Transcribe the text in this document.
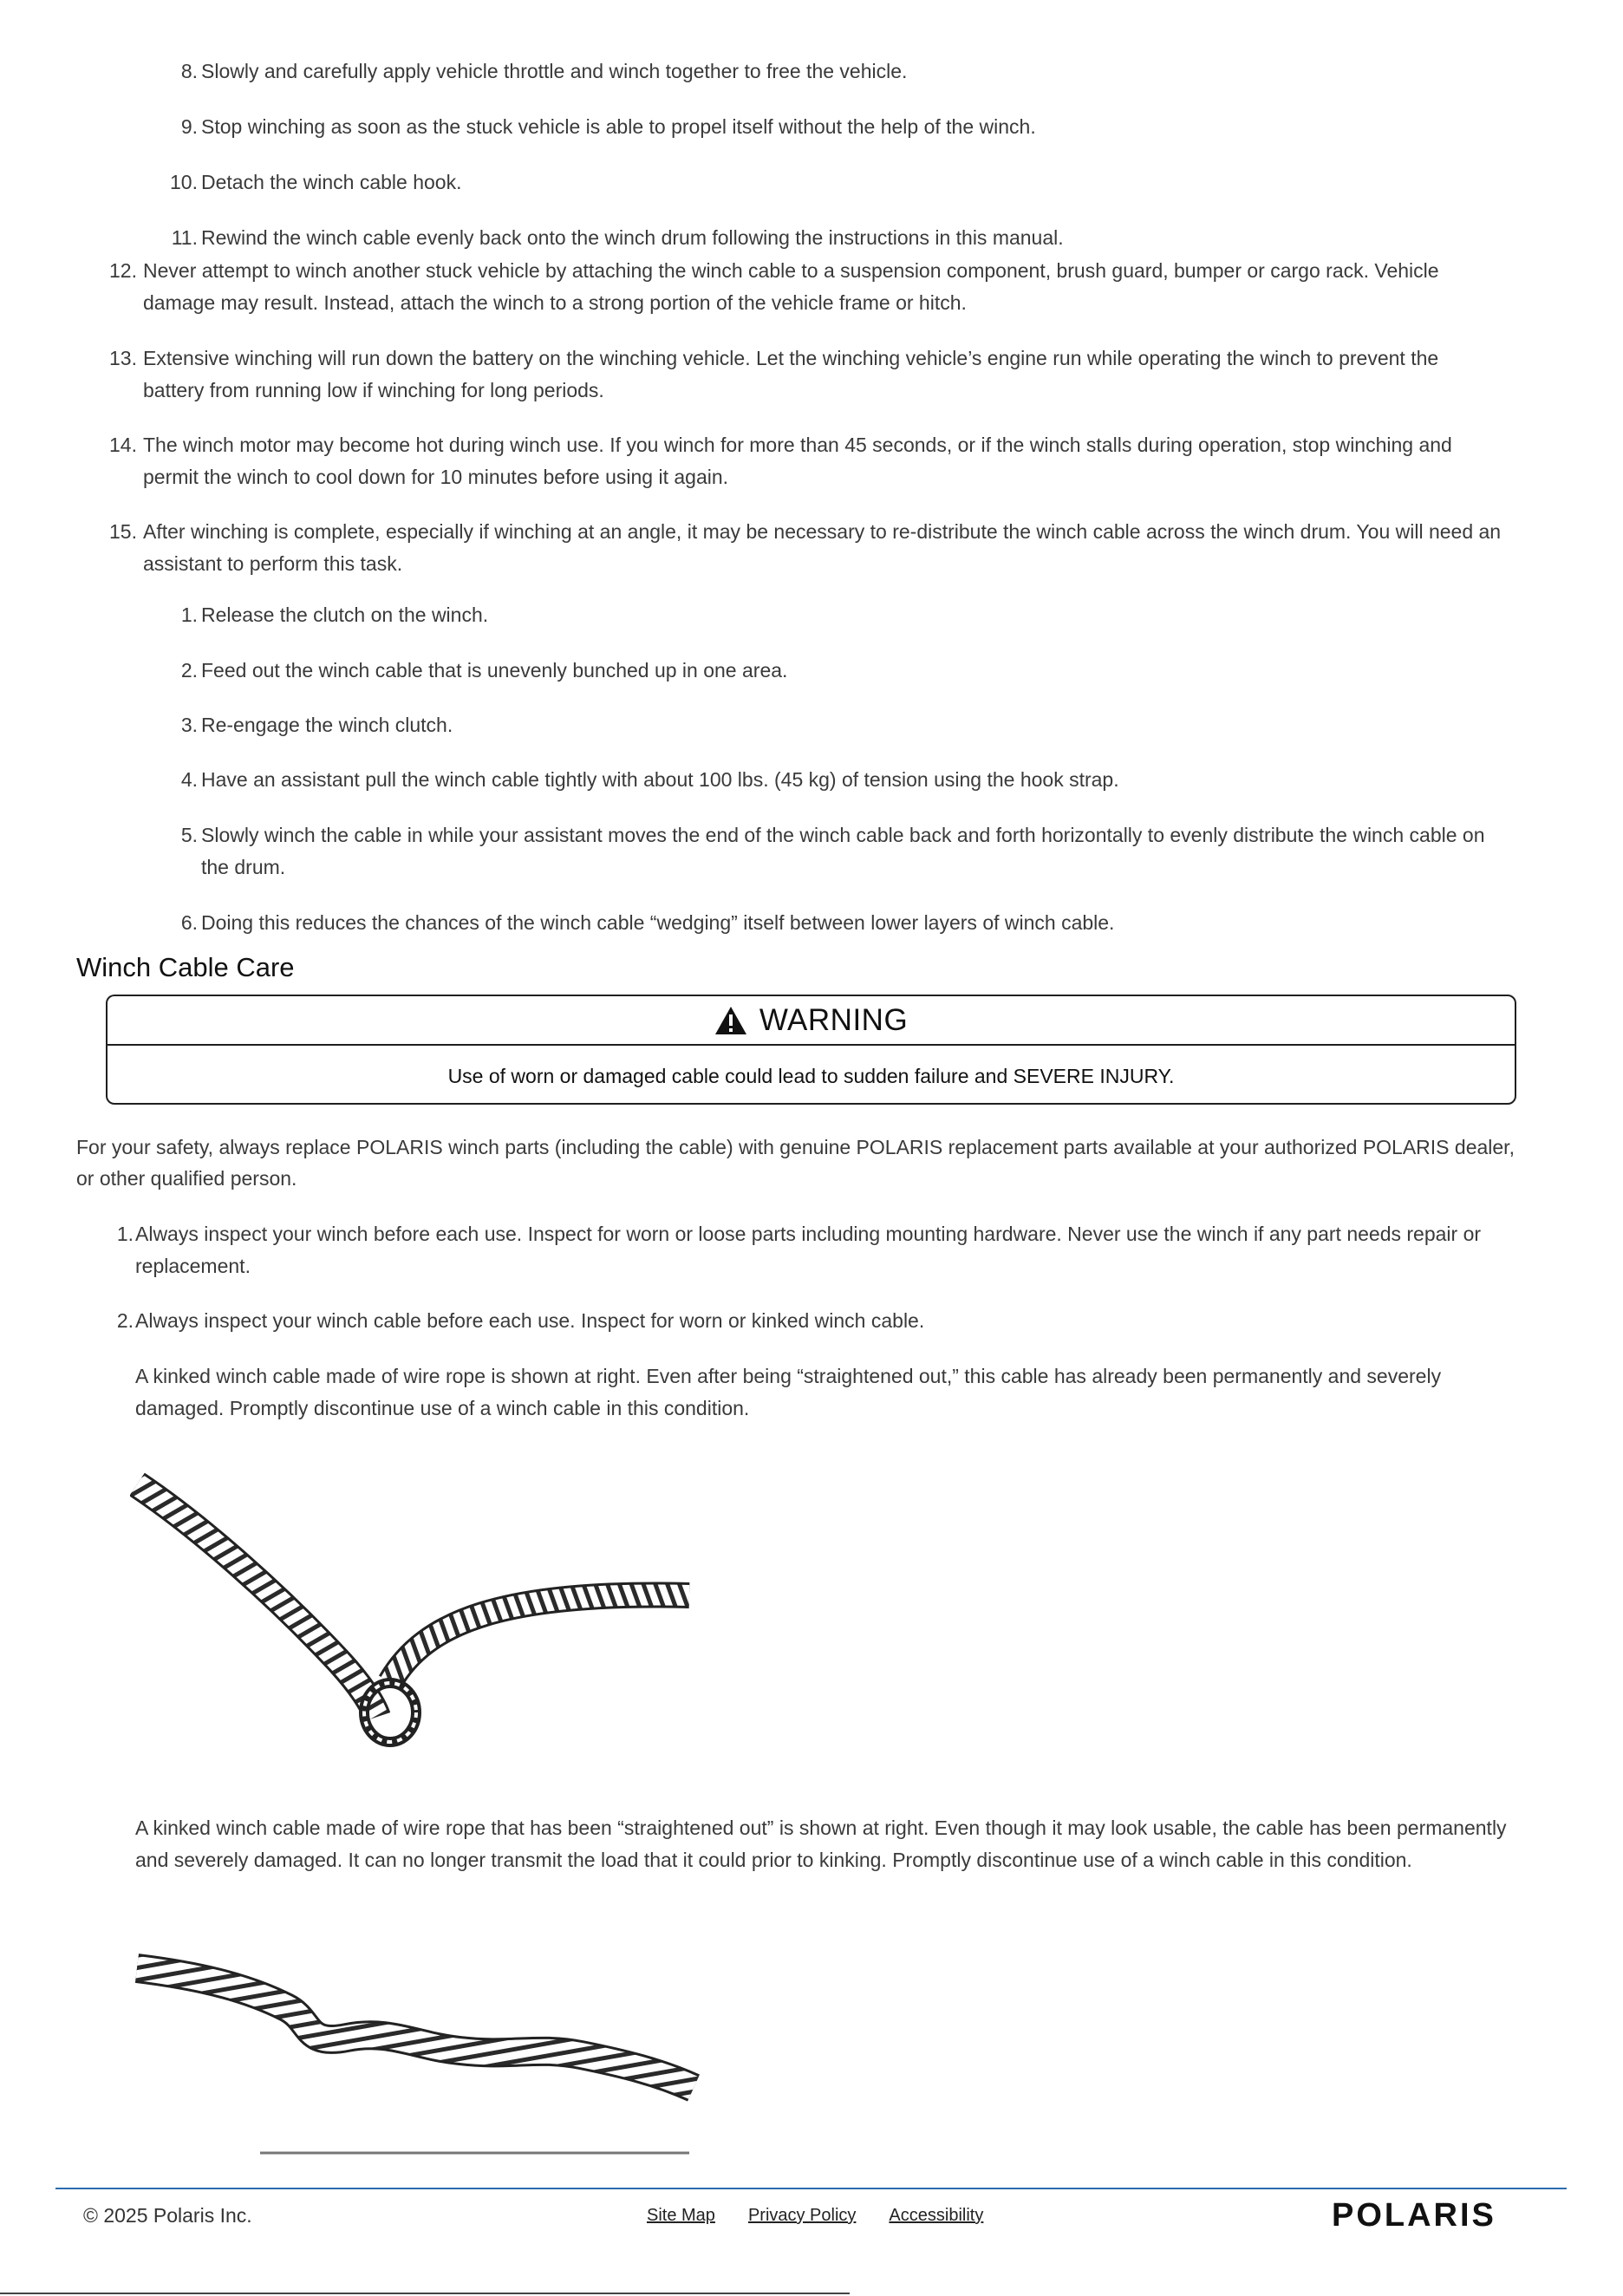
8. Slowly and carefully apply vehicle throttle and winch together to free the vehicle.
9. Stop winching as soon as the stuck vehicle is able to propel itself without the help of the winch.
10. Detach the winch cable hook.
11. Rewind the winch cable evenly back onto the winch drum following the instructions in this manual.
12. Never attempt to winch another stuck vehicle by attaching the winch cable to a suspension component, brush guard, bumper or cargo rack. Vehicle
damage may result. Instead, attach the winch to a strong portion of the vehicle frame or hitch.
13. Extensive winching will run down the battery on the winching vehicle. Let the winching vehicle’s engine run while operating the winch to prevent the
battery from running low if winching for long periods.
14. The winch motor may become hot during winch use. If you winch for more than 45 seconds, or if the winch stalls during operation, stop winching and
permit the winch to cool down for 10 minutes before using it again.
15. After winching is complete, especially if winching at an angle, it may be necessary to re-distribute the winch cable across the winch drum. You will need an
assistant to perform this task.
1. Release the clutch on the winch.
2. Feed out the winch cable that is unevenly bunched up in one area.
3. Re-engage the winch clutch.
4. Have an assistant pull the winch cable tightly with about 100 lbs. (45 kg) of tension using the hook strap.
5. Slowly winch the cable in while your assistant moves the end of the winch cable back and forth horizontally to evenly distribute the winch cable on
the drum.
6. Doing this reduces the chances of the winch cable “wedging” itself between lower layers of winch cable.
Winch Cable Care
WARNING
Use of worn or damaged cable could lead to sudden failure and SEVERE INJURY.
For your safety, always replace POLARIS winch parts (including the cable) with genuine POLARIS replacement parts available at your authorized POLARIS dealer,
or other qualified person.
1. Always inspect your winch before each use. Inspect for worn or loose parts including mounting hardware. Never use the winch if any part needs repair or
replacement.
2. Always inspect your winch cable before each use. Inspect for worn or kinked winch cable.
A kinked winch cable made of wire rope is shown at right. Even after being “straightened out,” this cable has already been permanently and severely
damaged. Promptly discontinue use of a winch cable in this condition.
A kinked winch cable made of wire rope that has been “straightened out” is shown at right. Even though it may look usable, the cable has been permanently
and severely damaged. It can no longer transmit the load that it could prior to kinking. Promptly discontinue use of a winch cable in this condition.
© 2025 Polaris Inc.	Site Map Privacy Policy Accessibility	POLARIS
